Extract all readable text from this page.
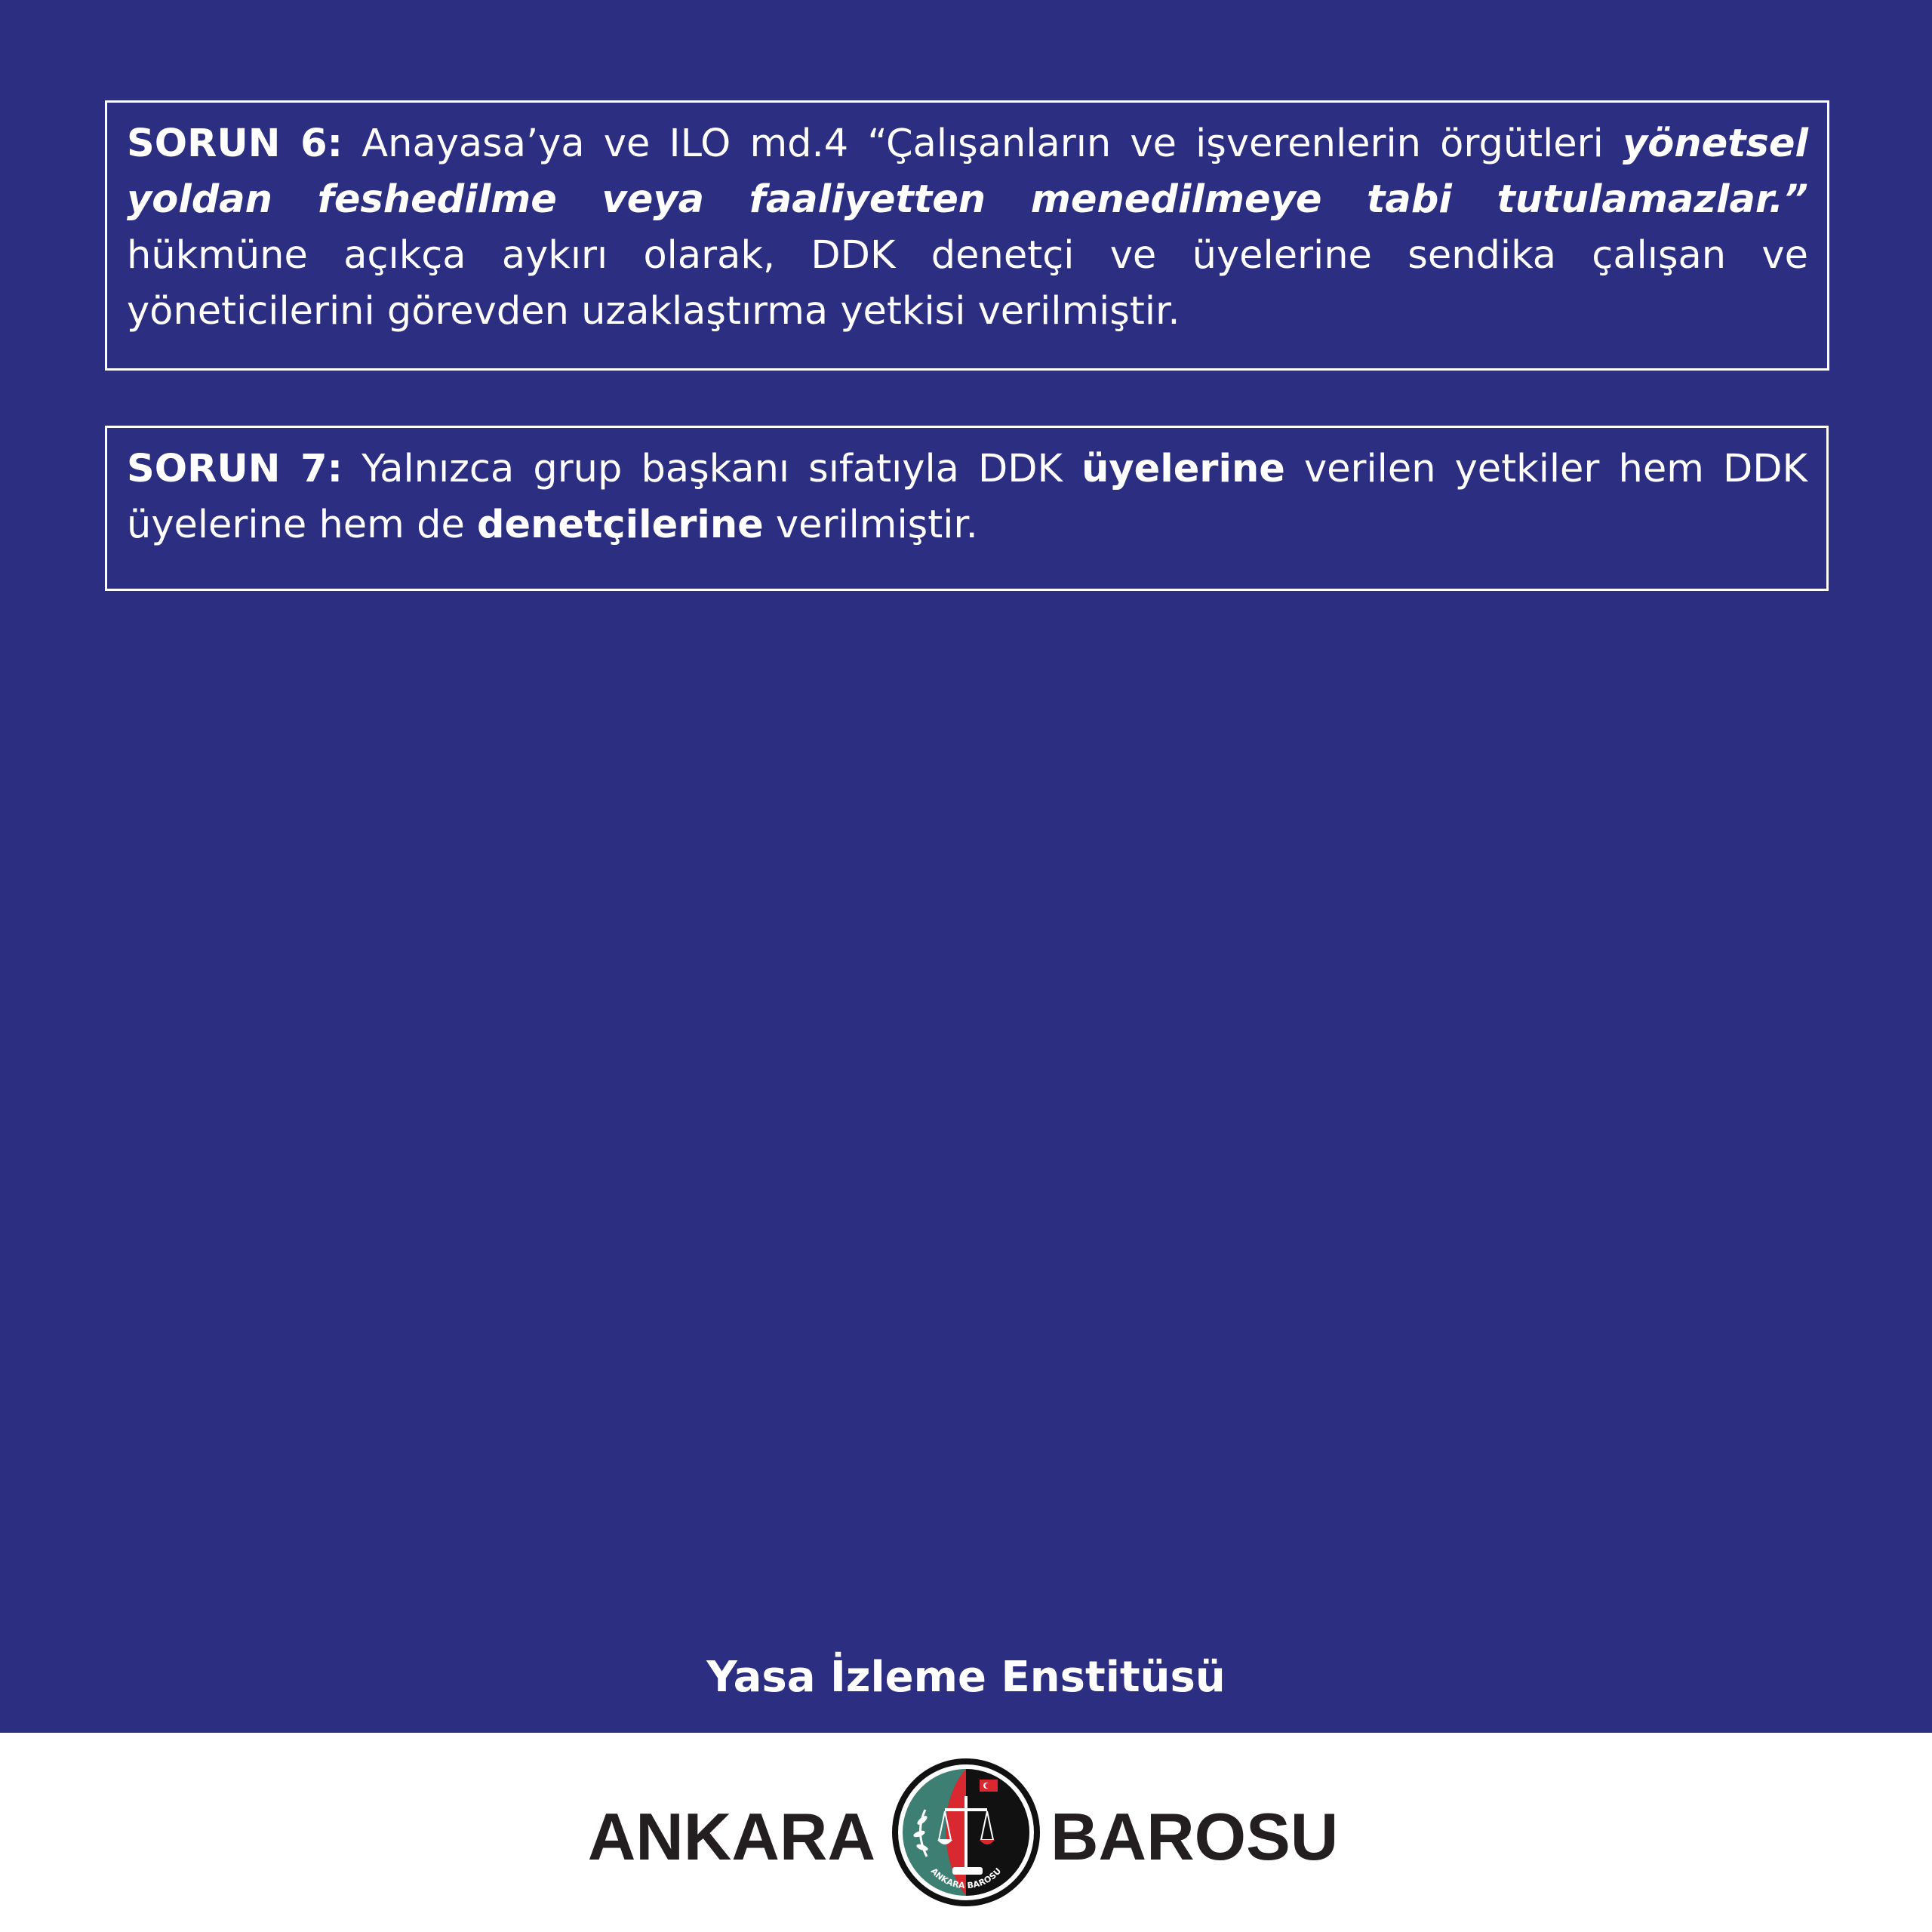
SORUN 6: Anayasa’ya ve ILO md.4 “Çalışanların ve işverenlerin örgütleri yönetsel yoldan feshedilme veya faaliyetten menedilmeye tabi tutulamazlar.” hükmüne açıkça aykırı olarak, DDK denetçi ve üyelerine sendika çalışan ve yöneticilerini görevden uzaklaştırma yetkisi verilmiştir.
SORUN 7: Yalnızca grup başkanı sıfatıyla DDK üyelerine verilen yetkiler hem DDK üyelerine hem de denetçilerine verilmiştir.
Yasa İzleme Enstitüsü
ANKARA	ANKARA BAROSU BAROSU
